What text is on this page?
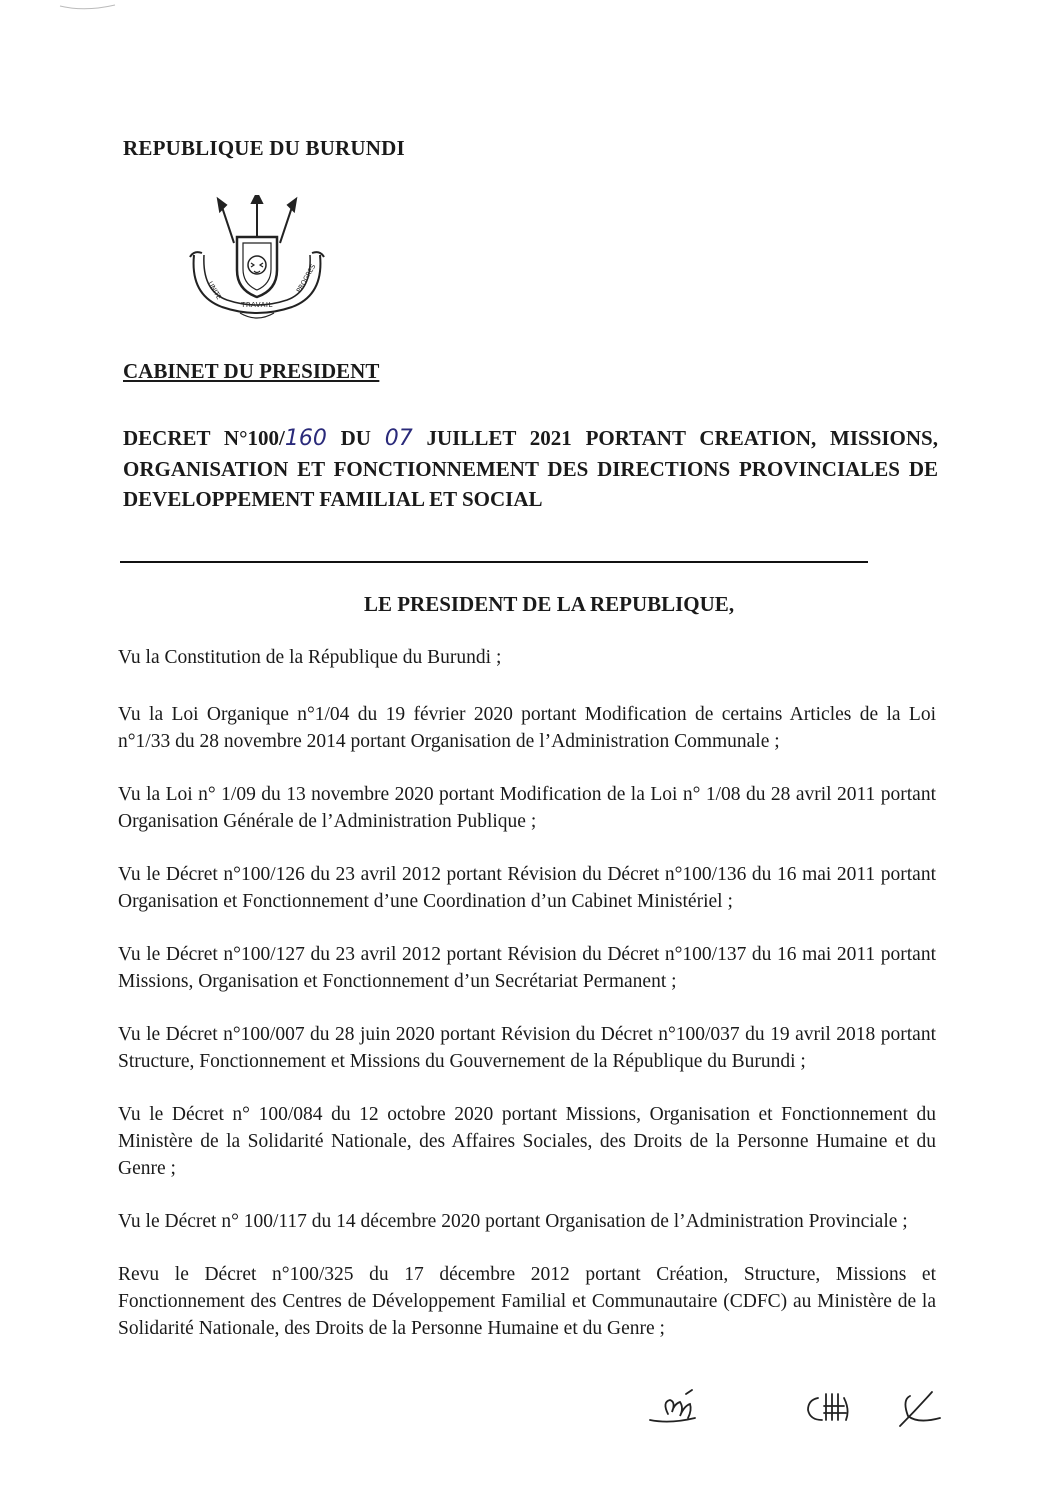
REPUBLIQUE DU BURUNDI
TRAVAIL
UNITE	PROGRES
CABINET DU PRESIDENT
DECRET N°100/160 DU 07 JUILLET 2021 PORTANT CREATION, MISSIONS, ORGANISATION ET FONCTIONNEMENT DES DIRECTIONS PROVINCIALES DE DEVELOPPEMENT FAMILIAL ET SOCIAL
LE PRESIDENT DE LA REPUBLIQUE,

Vu la Constitution de la République du Burundi ;

Vu la Loi Organique n°1/04 du 19 février 2020 portant Modification de certains Articles de la Loi n°1/33 du 28 novembre 2014 portant Organisation de l’Administration Communale ;

Vu la Loi n° 1/09 du 13 novembre 2020 portant Modification de la Loi n° 1/08 du 28 avril 2011 portant Organisation Générale de l’Administration Publique ;

Vu le Décret n°100/126 du 23 avril 2012 portant Révision du Décret n°100/136 du 16 mai 2011 portant Organisation et Fonctionnement d’une Coordination d’un Cabinet Ministériel ;

Vu le Décret n°100/127 du 23 avril 2012 portant Révision du Décret n°100/137 du 16 mai 2011 portant Missions, Organisation et Fonctionnement d’un Secrétariat Permanent ;

Vu le Décret n°100/007 du 28 juin 2020 portant Révision du Décret n°100/037 du 19 avril 2018 portant Structure, Fonctionnement et Missions du Gouvernement de la République du Burundi ;

Vu le Décret n° 100/084 du 12 octobre 2020 portant Missions, Organisation et Fonctionnement du Ministère de la Solidarité Nationale, des Affaires Sociales, des Droits de la Personne Humaine et du Genre ;

Vu le Décret n° 100/117 du 14 décembre 2020 portant Organisation de l’Administration Provinciale ;

Revu le Décret n°100/325 du 17 décembre 2012 portant Création, Structure, Missions et Fonctionnement des Centres de Développement Familial et Communautaire (CDFC) au Ministère de la Solidarité Nationale, des Droits de la Personne Humaine et du Genre ;
